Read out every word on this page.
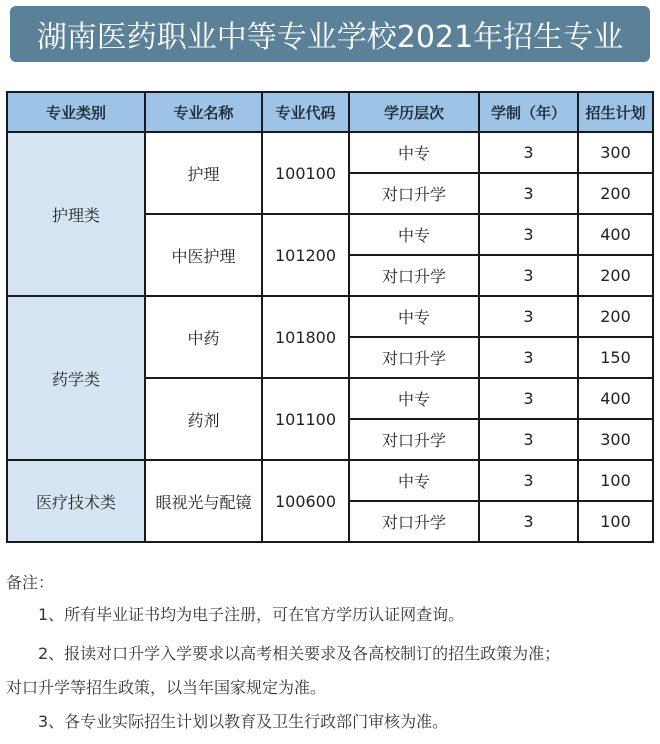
湖南医药职业中等专业学校2021年招生专业
专业类别	专业名称	专业代码	学历层次	学制（年）	招生计划
护理类	护理	100100	中专	3	300
			对口升学	3	200
	中医护理	101200	中专	3	400
			对口升学	3	200
药学类	中药	101800	中专	3	200
			对口升学	3	150
	药剂	101100	中专	3	400
			对口升学	3	300
医疗技术类	眼视光与配镜	100600	中专	3	100
			对口升学	3	100
备注：
1、所有毕业证书均为电子注册，可在官方学历认证网查询。
2、报读对口升学入学要求以高考相关要求及各高校制订的招生政策为准；
对口升学等招生政策，以当年国家规定为准。
3、各专业实际招生计划以教育及卫生行政部门审核为准。
